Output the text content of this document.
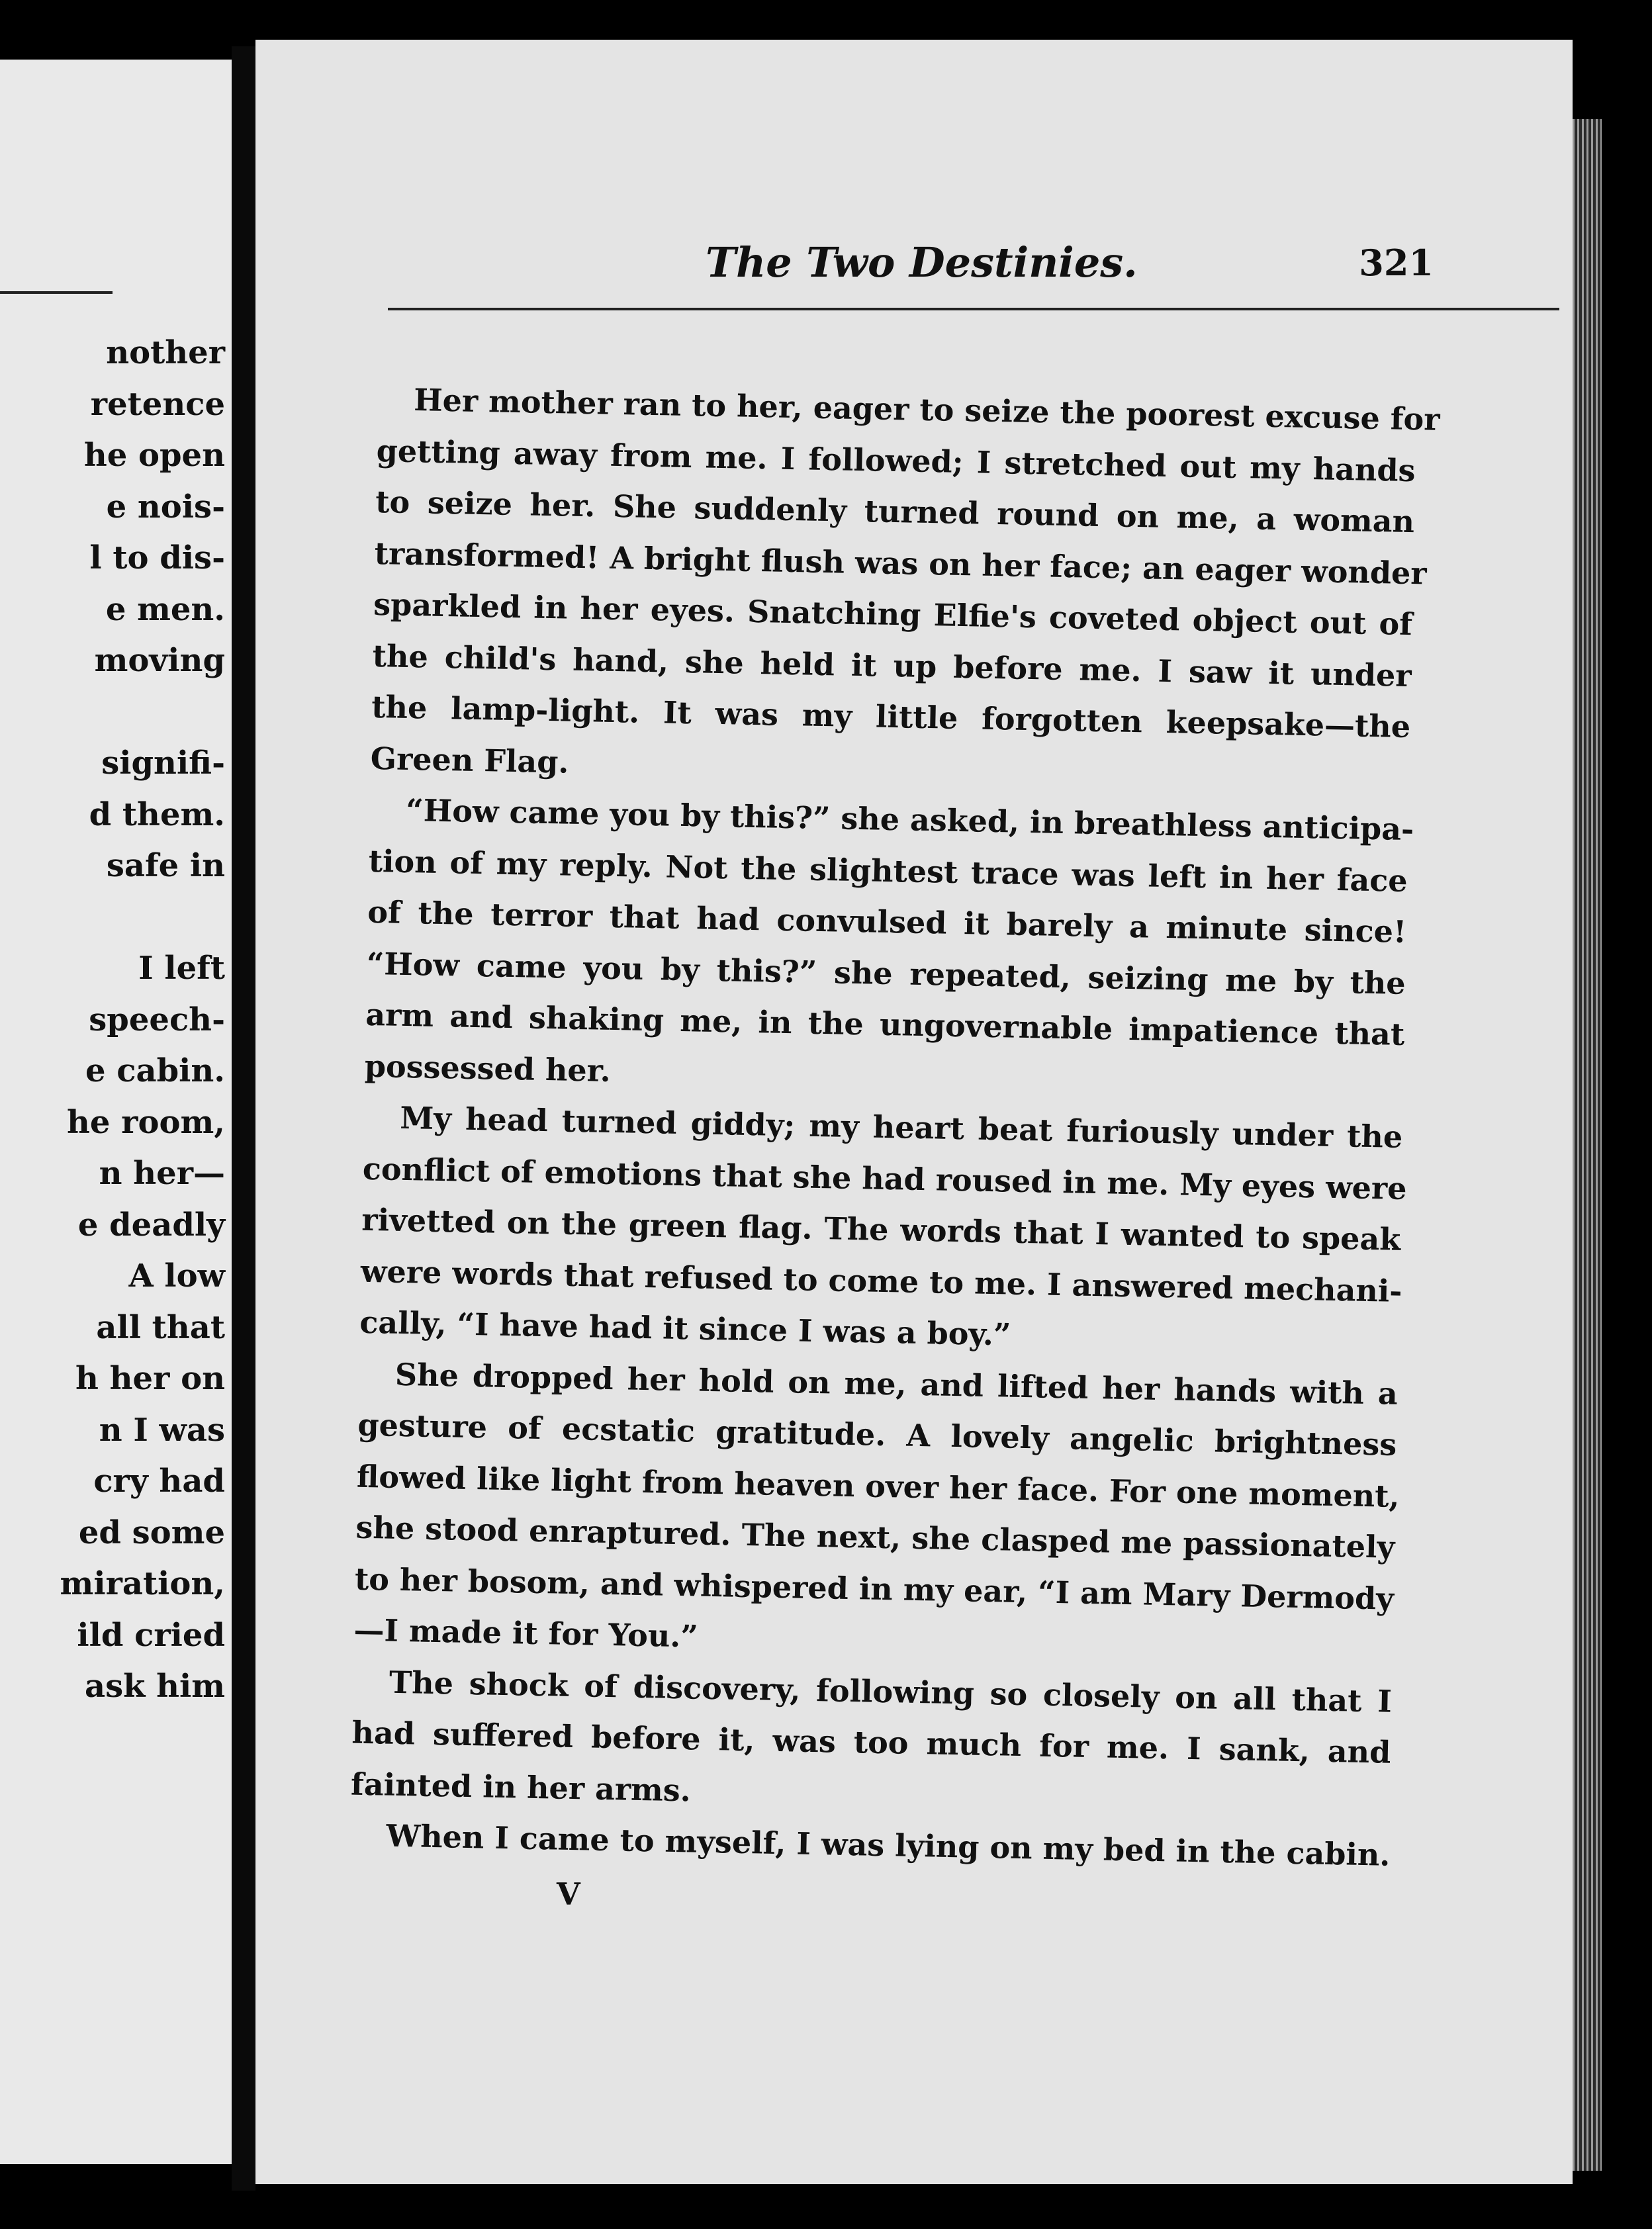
nother
retence
he open
e nois-
l to dis-
e men.
moving
signifi-
d them.
safe in
I left
speech-
e cabin.
he room,
n her—
e deadly
A low
all that
h her on
n I was
cry had
ed some
miration,
ild cried
ask him
The Two Destinies.	321
Her mother ran to her, eager to seize the poorest excuse for
getting away from me. I followed; I stretched out my hands
to seize her. She suddenly turned round on me, a woman
transformed! A bright flush was on her face; an eager wonder
sparkled in her eyes. Snatching Elfie's coveted object out of
the child's hand, she held it up before me. I saw it under
the lamp-light. It was my little forgotten keepsake—the
Green Flag.
“How came you by this?” she asked, in breathless anticipa-
tion of my reply. Not the slightest trace was left in her face
of the terror that had convulsed it barely a minute since!
“How came you by this?” she repeated, seizing me by the
arm and shaking me, in the ungovernable impatience that
possessed her.
My head turned giddy; my heart beat furiously under the
conflict of emotions that she had roused in me. My eyes were
rivetted on the green flag. The words that I wanted to speak
were words that refused to come to me. I answered mechani-
cally, “I have had it since I was a boy.”
She dropped her hold on me, and lifted her hands with a
gesture of ecstatic gratitude. A lovely angelic brightness
flowed like light from heaven over her face. For one moment,
she stood enraptured. The next, she clasped me passionately
to her bosom, and whispered in my ear, “I am Mary Dermody
—I made it for You.”
The shock of discovery, following so closely on all that I
had suffered before it, was too much for me. I sank, and
fainted in her arms.
When I came to myself, I was lying on my bed in the cabin.
V
